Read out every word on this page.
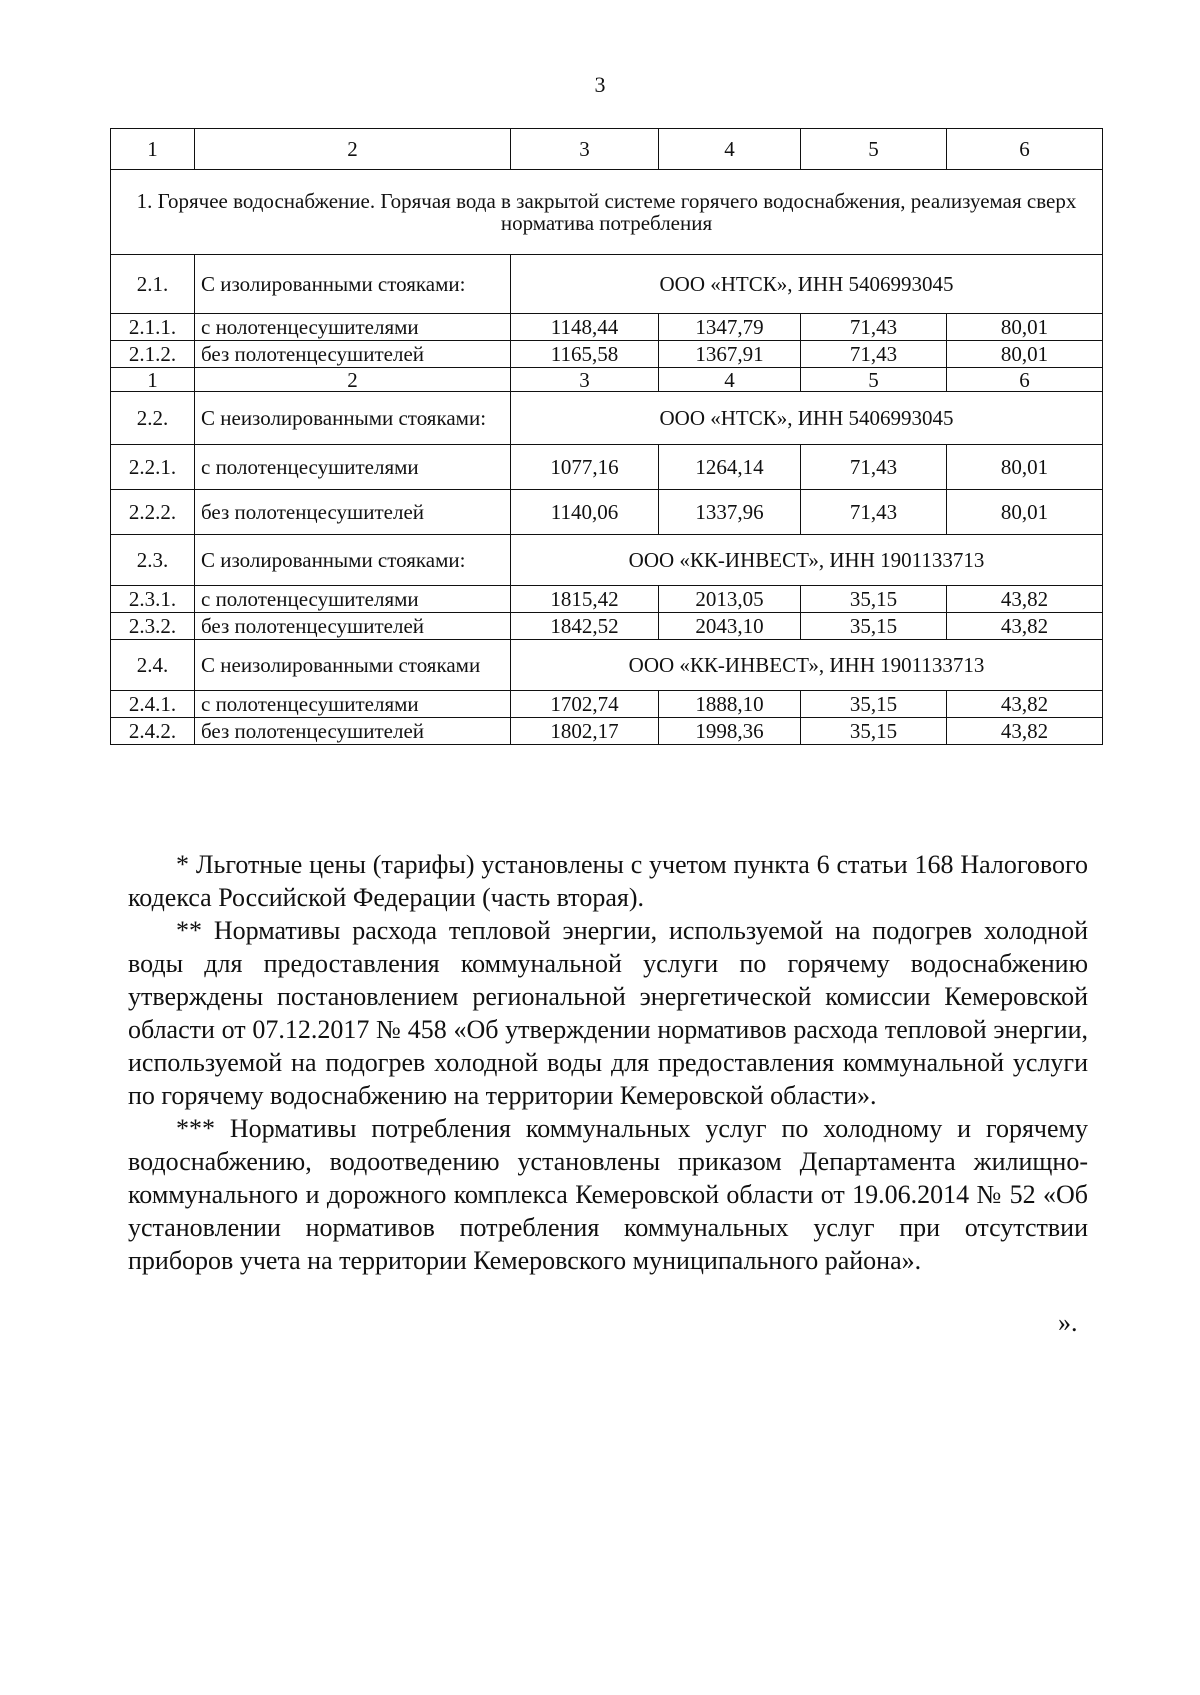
3
1	2	3	4	5	6
1. Горячее водоснабжение. Горячая вода в закрытой системе горячего водоснабжения, реализуемая сверх норматива потребления					
2.1.	С изолированными стояками:	ООО «НТСК», ИНН 5406993045			
2.1.1.	с нолотенцесушителями	1148,44	1347,79	71,43	80,01
2.1.2.	без полотенцесушителей	1165,58	1367,91	71,43	80,01
1	2	3	4	5	6
2.2.	С неизолированными стояками:	ООО «НТСК», ИНН 5406993045			
2.2.1.	с полотенцесушителями	1077,16	1264,14	71,43	80,01
2.2.2.	без полотенцесушителей	1140,06	1337,96	71,43	80,01
2.3.	С изолированными стояками:	ООО «КК-ИНВЕСТ», ИНН 1901133713			
2.3.1.	с полотенцесушителями	1815,42	2013,05	35,15	43,82
2.3.2.	без полотенцесушителей	1842,52	2043,10	35,15	43,82
2.4.	С неизолированными стояками	ООО «КК-ИНВЕСТ», ИНН 1901133713			
2.4.1.	с полотенцесушителями	1702,74	1888,10	35,15	43,82
2.4.2.	без полотенцесушителей	1802,17	1998,36	35,15	43,82

* Льготные цены (тарифы) установлены с учетом пункта 6 статьи 168 Налогового кодекса Российской Федерации (часть вторая).

** Нормативы расхода тепловой энергии, используемой на подогрев холодной воды для предоставления коммунальной услуги по горячему водоснабжению утверждены постановлением региональной энергетической комиссии Кемеровской области от 07.12.2017 № 458 «Об утверждении нормативов расхода тепловой энергии, используемой на подогрев холодной воды для предоставления коммунальной услуги по горячему водоснабжению на территории Кемеровской области».

*** Нормативы потребления коммунальных услуг по холодному и горячему водоснабжению, водоотведению установлены приказом Департамента жилищно-коммунального и дорожного комплекса Кемеровской области от 19.06.2014 № 52 «Об установлении нормативов потребления коммунальных услуг при отсутствии приборов учета на территории Кемеровского муниципального района».

».
